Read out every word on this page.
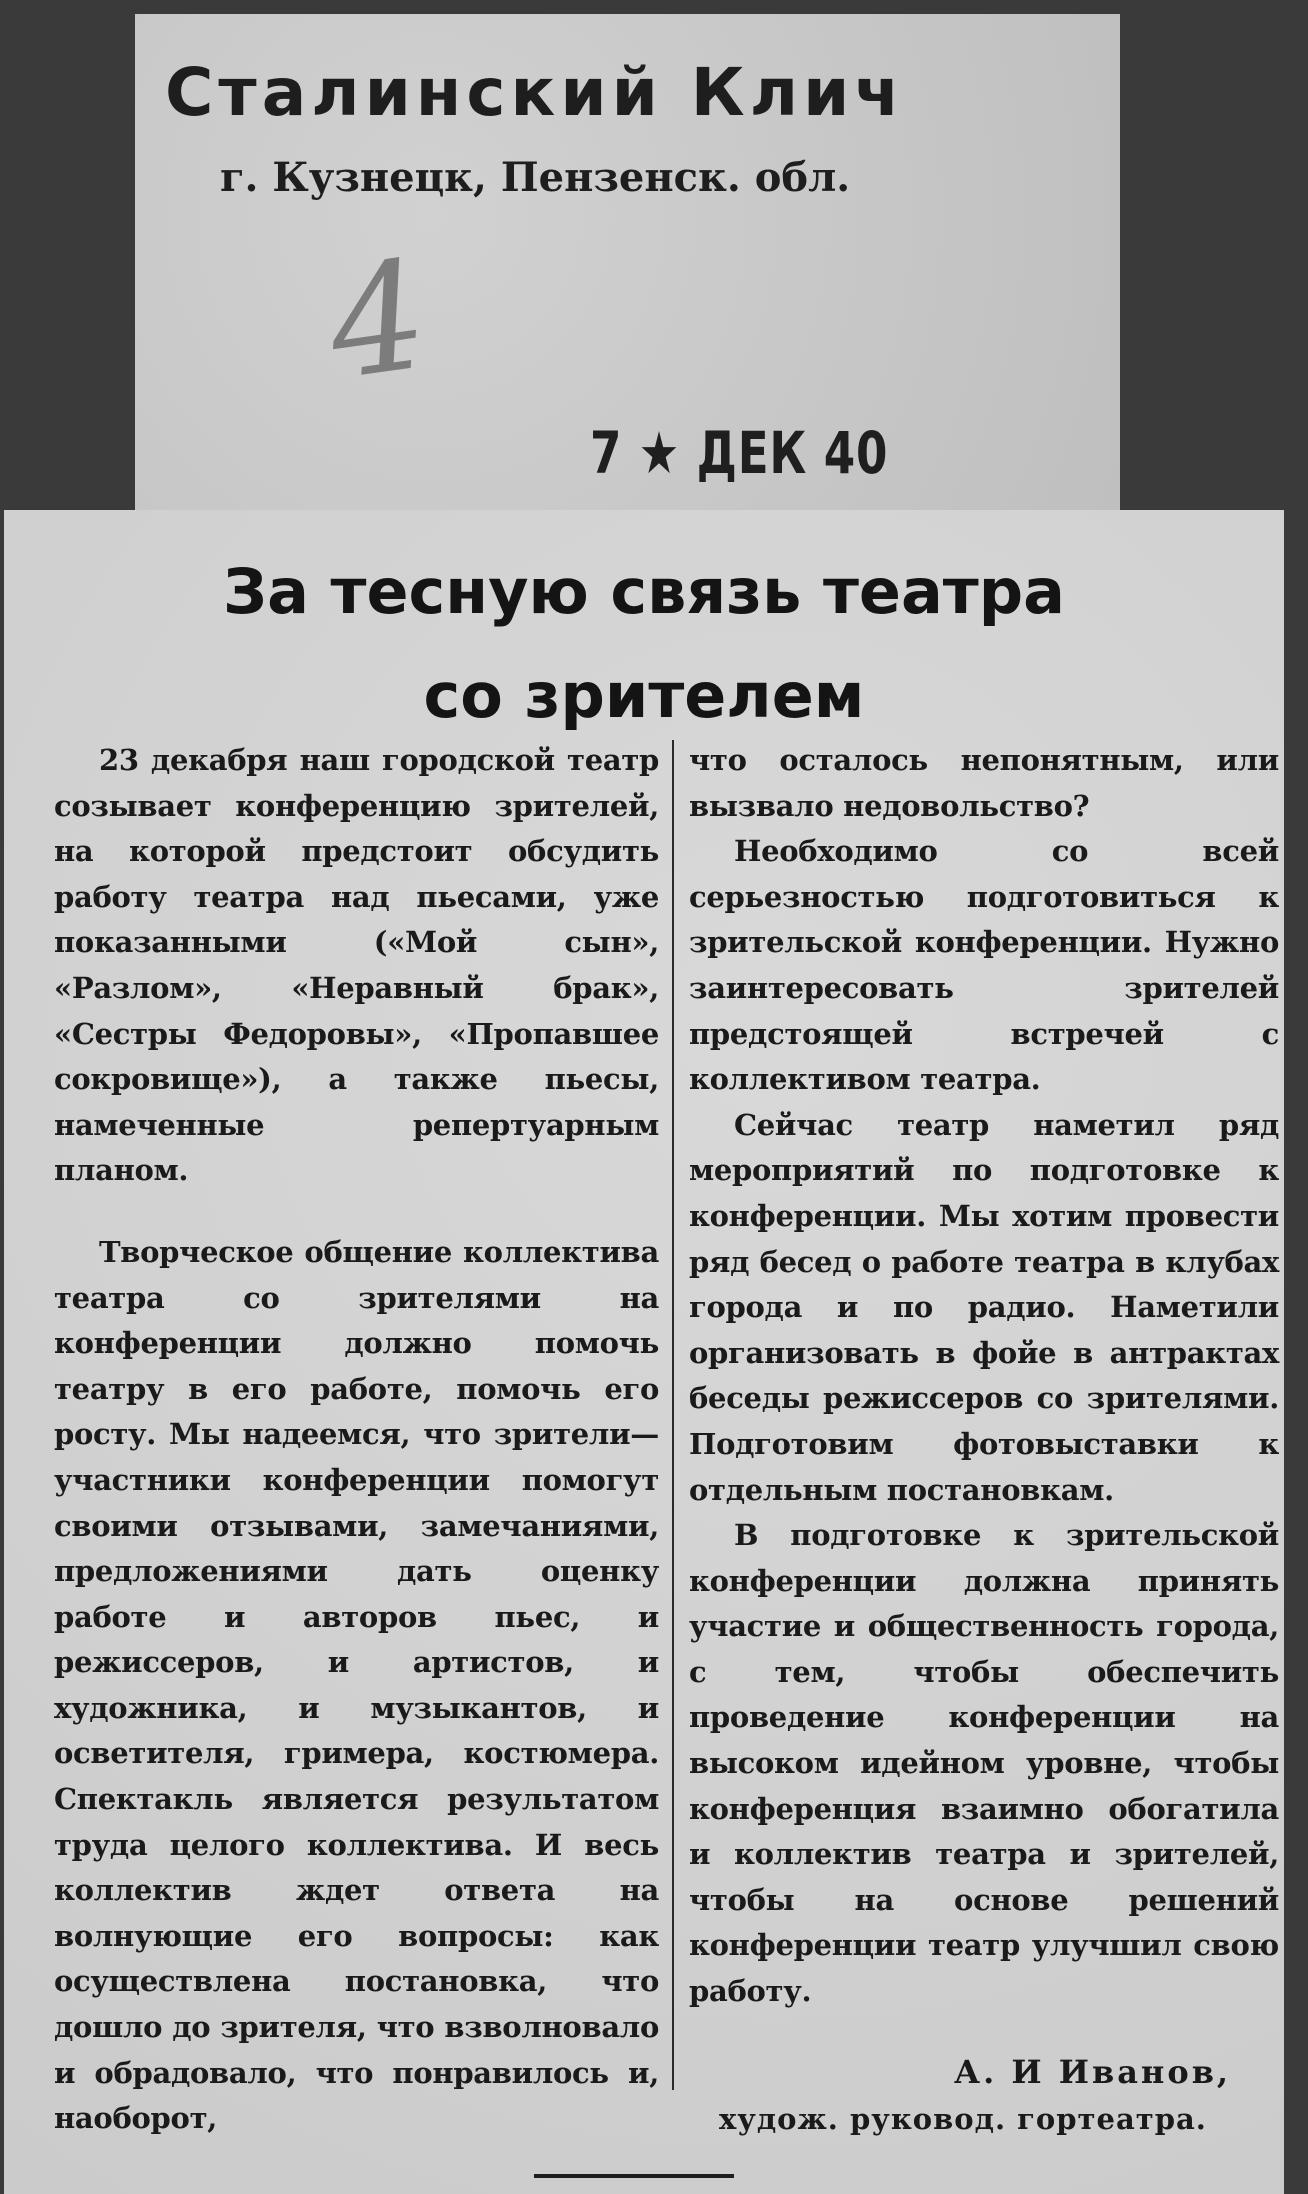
Сталинский Клич
г. Кузнецк, Пензенск. обл.
4
7 ★ ДЕК 40
За тесную связь театра
со зрителем

23 декабря наш городской театр созывает конференцию зрителей, на которой предстоит обсудить работу театра над пьесами, уже показанными («Мой сын», «Разлом», «Неравный брак», «Сестры Федоровы», «Пропавшее сокровище»), а также пьесы, намеченные репертуарным планом.

Творческое общение коллектива театра со зрителями на конференции должно помочь театру в его работе, помочь его росту. Мы надеемся, что зрители—участники конференции помогут своими отзывами, замечаниями, предложениями дать оценку работе и авторов пьес, и режиссеров, и артистов, и художника, и музыкантов, и осветителя, гримера, костюмера. Спектакль является результатом труда целого коллектива. И весь коллектив ждет ответа на волнующие его вопросы: как осуществлена постановка, что дошло до зрителя, что взволновало и обрадовало, что понравилось и, наоборот,

что осталось непонятным, или вызвало недовольство?

Необходимо со всей серьезностью подготовиться к зрительской конференции. Нужно заинтересовать зрителей предстоящей встречей с коллективом театра.

Сейчас театр наметил ряд мероприятий по подготовке к конференции. Мы хотим провести ряд бесед о работе театра в клубах города и по радио. Наметили организовать в фойе в антрактах беседы режиссеров со зрителями. Подготовим фотовыставки к отдельным постановкам.

В подготовке к зрительской конференции должна принять участие и общественность города, с тем, чтобы обеспечить проведение конференции на высоком идейном уровне, чтобы конференция взаимно обогатила и коллектив театра и зрителей, чтобы на основе решений конференции театр улучшил свою работу.

А. И Иванов,
худож. руковод. гортеатра.
